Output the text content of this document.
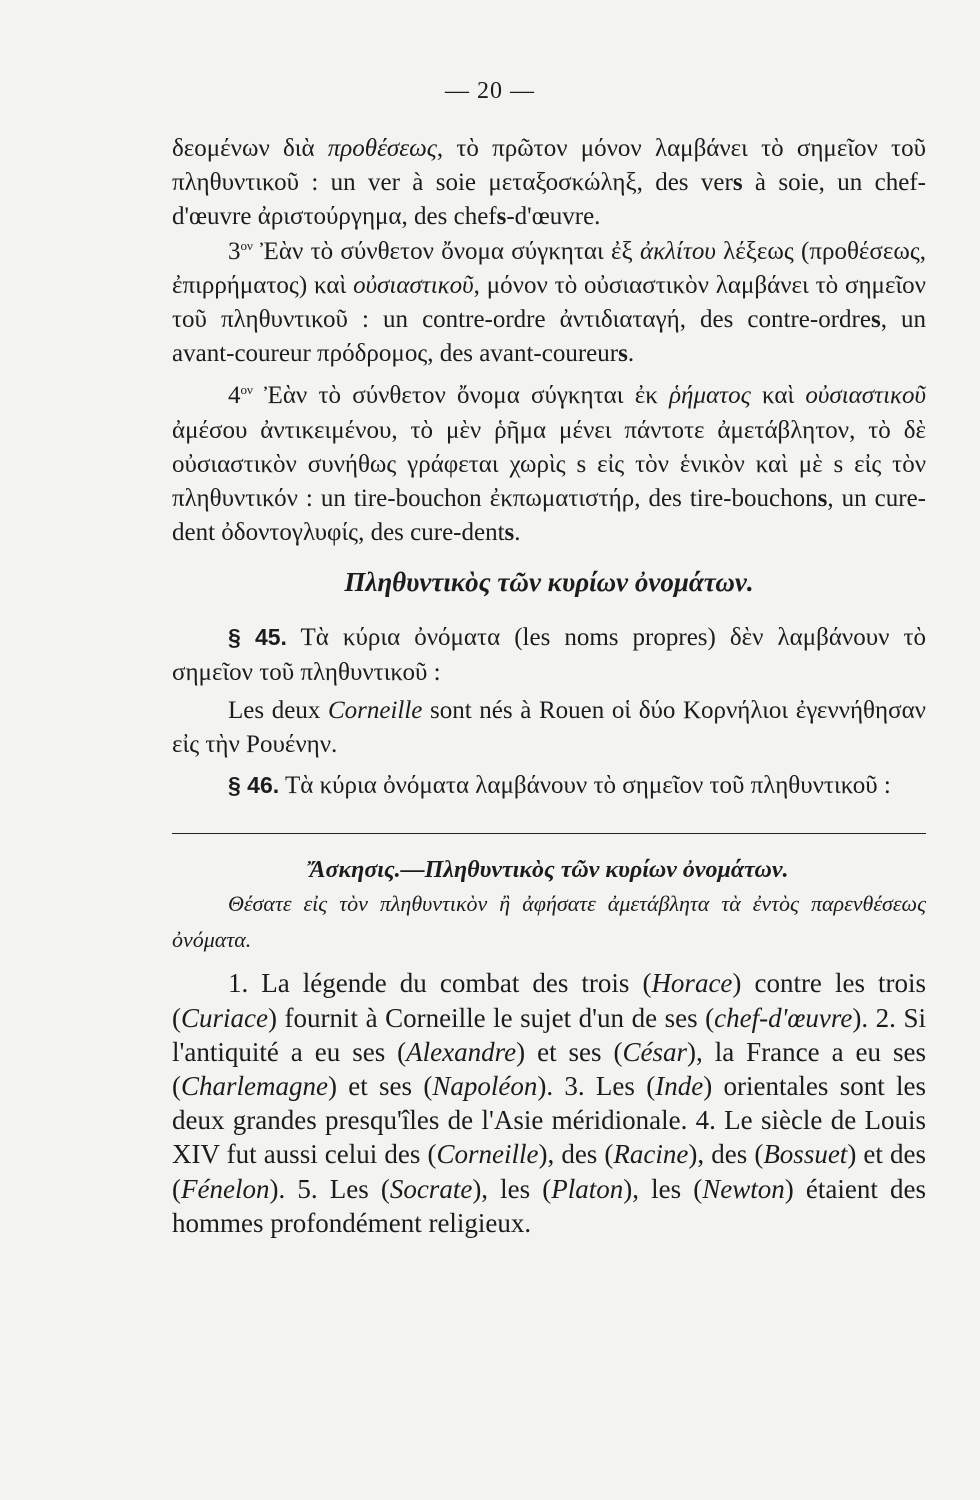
— 20 —

δεομένων διὰ προθέσεως, τὸ πρῶτον μόνον λαμβάνει τὸ σημεῖον τοῦ πληθυντικοῦ : un ver à soie μεταξοσκώληξ, des vers à soie, un chef-d'œuvre ἀριστούργημα, des chefs-d'œuvre.

$3^{o\nu}$ Ἐὰν τὸ σύνθετον ὄνομα σύγκηται ἐξ ἀκλίτου λέξεως (προθέσεως, ἐπιρρήματος) καὶ οὐσιαστικοῦ, μόνον τὸ οὐσιαστικὸν λαμβάνει τὸ σημεῖον τοῦ πληθυντικοῦ : un contre-ordre ἀντιδιαταγή, des contre-ordres, un avant-coureur πρόδρομος, des avant-coureurs.

$4^{o\nu}$ Ἐὰν τὸ σύνθετον ὄνομα σύγκηται ἐκ ῥήματος καὶ οὐσιαστικοῦ ἀμέσου ἀντικειμένου, τὸ μὲν ῥῆμα μένει πάντοτε ἀμετάβλητον, τὸ δὲ οὐσιαστικὸν συνήθως γράφεται χωρὶς s εἰς τὸν ἑνικὸν καὶ μὲ s εἰς τὸν πληθυντικόν : un tire-bouchon ἐκπωματιστήρ, des tire-bouchons, un cure-dent ὀδοντογλυφίς, des cure-dents.

Πληθυντικὸς τῶν κυρίων ὀνομάτων.

§ 45. Τὰ κύρια ὀνόματα (les noms propres) δὲν λαμβάνουν τὸ σημεῖον τοῦ πληθυντικοῦ :

Les deux Corneille sont nés à Rouen οἱ δύο Κορνήλιοι ἐγεννήθησαν εἰς τὴν Ρουένην.

§ 46. Τὰ κύρια ὀνόματα λαμβάνουν τὸ σημεῖον τοῦ πληθυντικοῦ :

Ἄσκησις.—Πληθυντικὸς τῶν κυρίων ὀνομάτων.

Θέσατε εἰς τὸν πληθυντικὸν ἢ ἀφήσατε ἀμετάβλητα τὰ ἐντὸς παρενθέσεως ὀνόματα.

1. La légende du combat des trois (Horace) contre les trois (Curiace) fournit à Corneille le sujet d'un de ses (chef-d'œuvre). 2. Si l'antiquité a eu ses (Alexandre) et ses (César), la France a eu ses (Charlemagne) et ses (Napoléon). 3. Les (Inde) orientales sont les deux grandes presqu'îles de l'Asie méridionale. 4. Le siècle de Louis XIV fut aussi celui des (Corneille), des (Racine), des (Bossuet) et des (Fénelon). 5. Les (Socrate), les (Platon), les (Newton) étaient des hommes profondément religieux.
